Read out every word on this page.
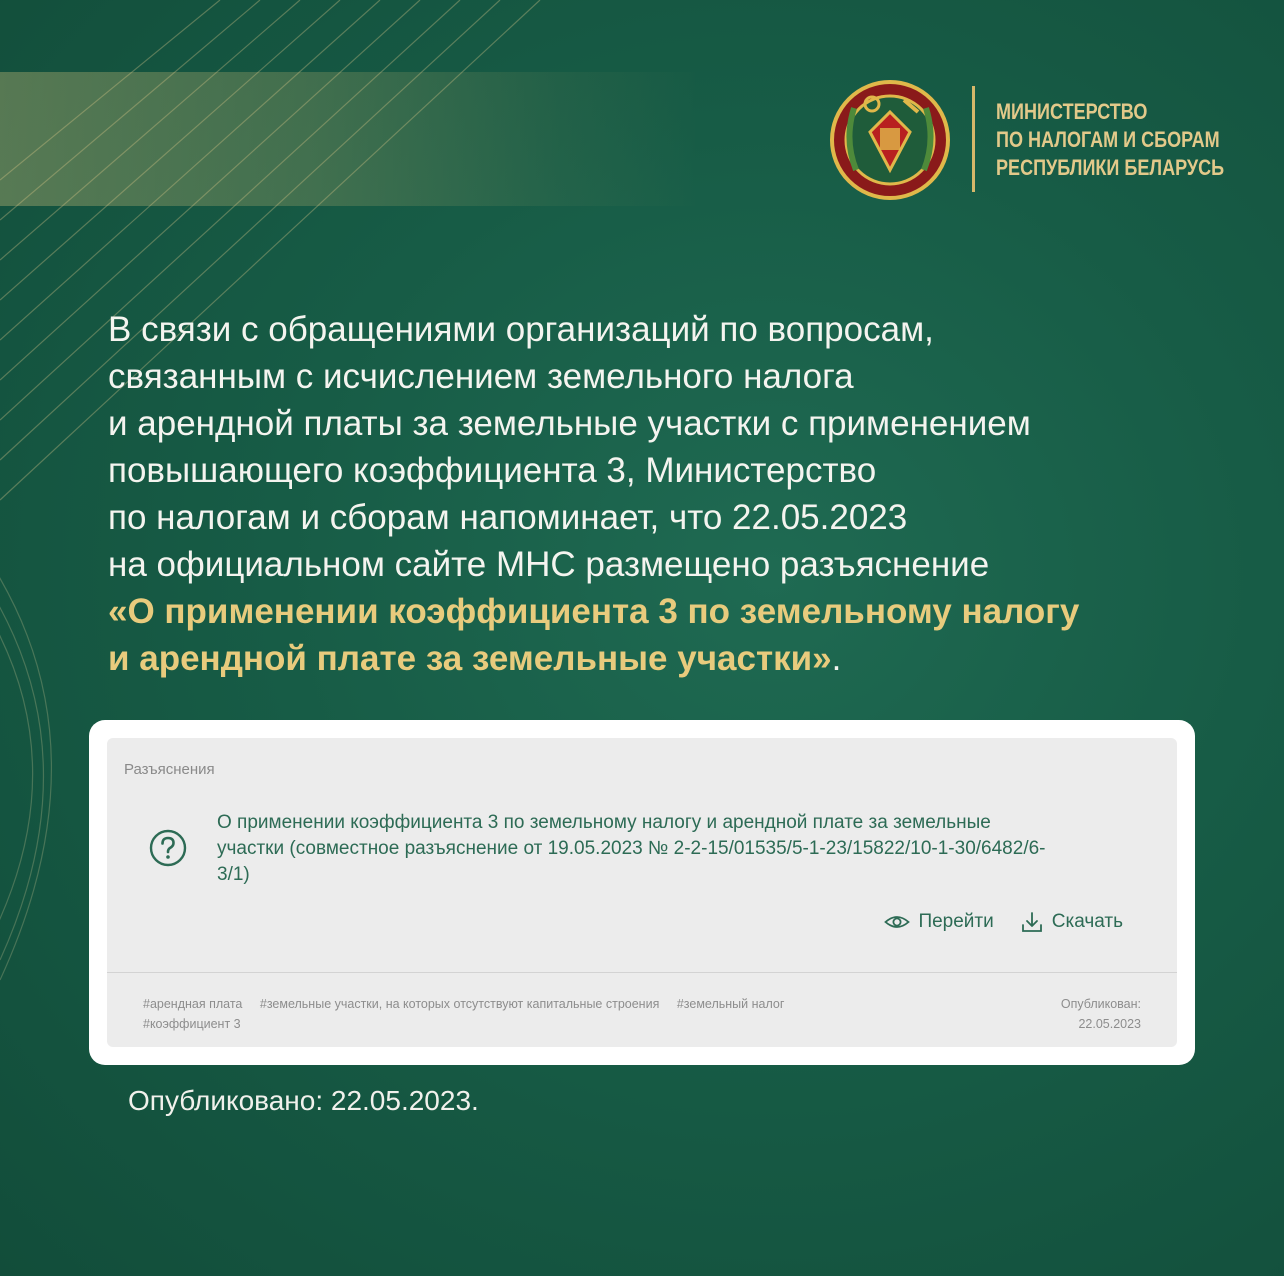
МИНИСТЕРСТВО
ПО НАЛОГАМ И СБОРАМ
РЕСПУБЛИКИ БЕЛАРУСЬ
В связи с обращениями организаций по вопросам,
связанным с исчислением земельного налога
и арендной платы за земельные участки с применением
повышающего коэффициента 3, Министерство
по налогам и сборам напоминает, что 22.05.2023
на официальном сайте МНС размещено разъяснение
«О применении коэффициента 3 по земельному налогу
и арендной плате за земельные участки».
Разъяснения
О применении коэффициента 3 по земельному налогу и арендной плате за земельные
участки (совместное разъяснение от 19.05.2023 № 2-2-15/01535/5-1-23/15822/10-1-30/6482/6-
3/1)
Перейти	Скачать
#арендная плата #земельные участки, на которых отсутствуют капитальные строения #земельный налог
#коэффициент 3
Опубликован:
22.05.2023
Опубликовано: 22.05.2023.
